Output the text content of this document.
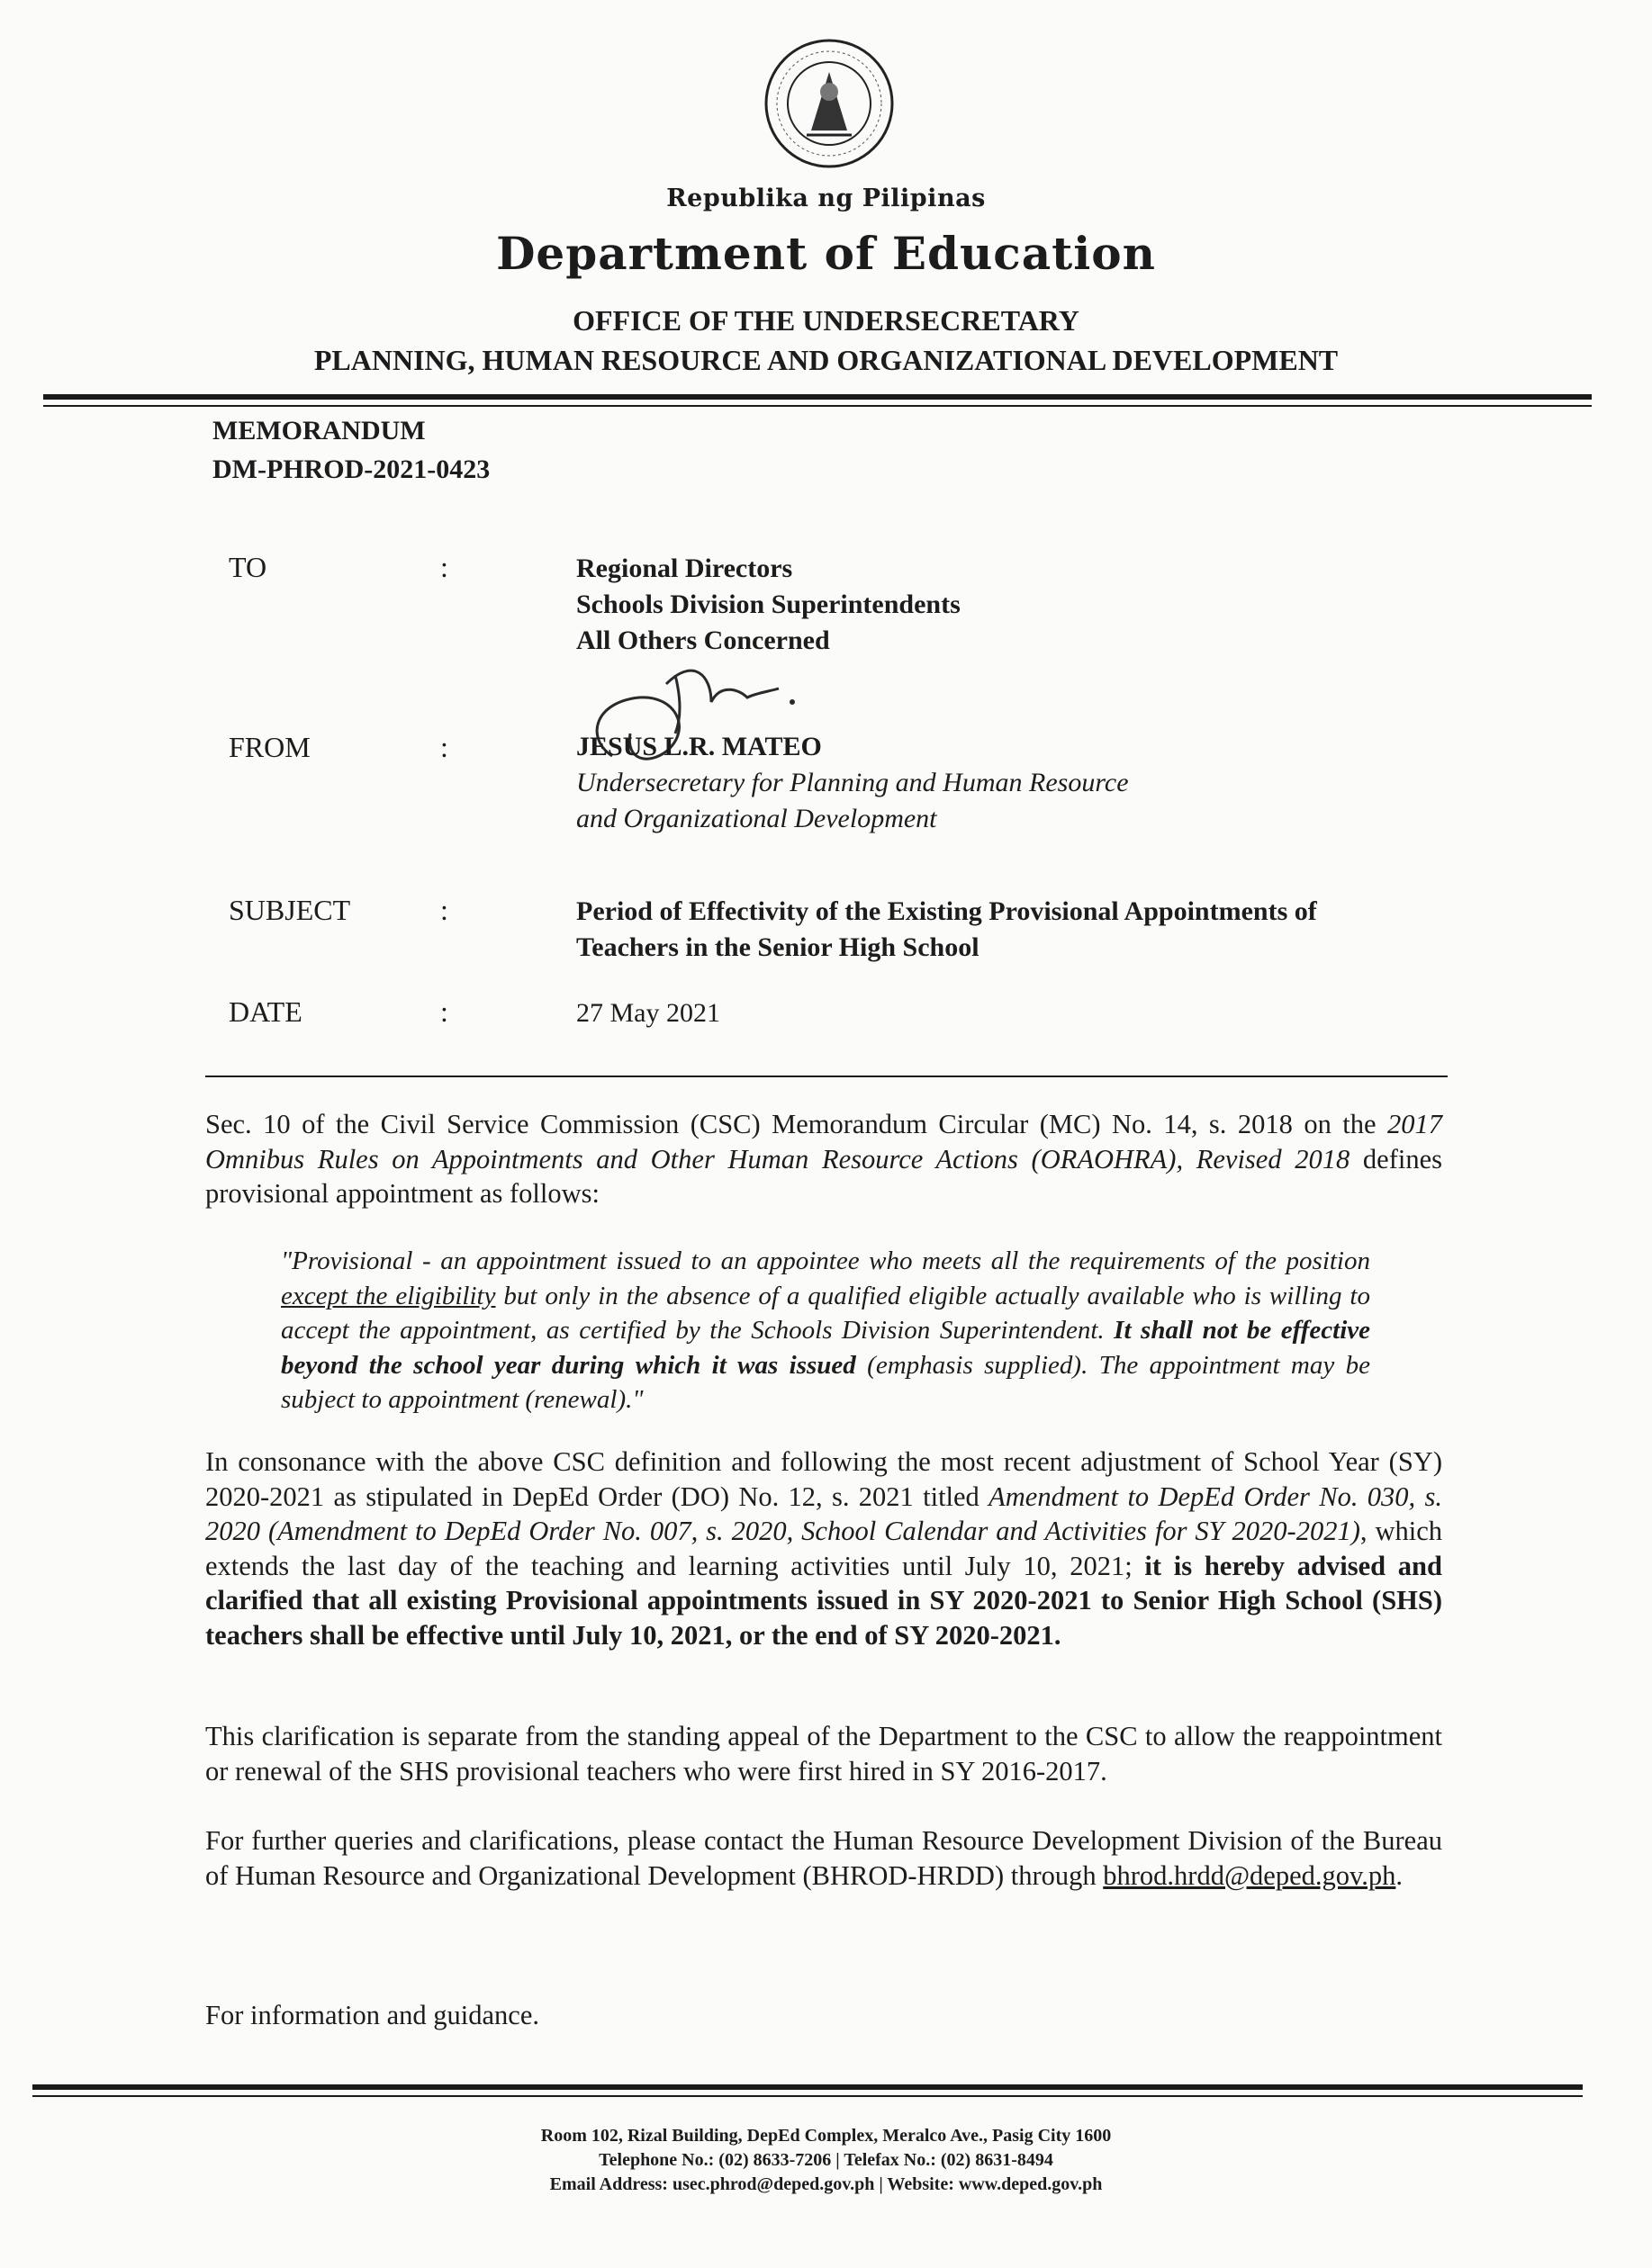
Republika ng Pilipinas
Department of Education
OFFICE OF THE UNDERSECRETARY
PLANNING, HUMAN RESOURCE AND ORGANIZATIONAL DEVELOPMENT
MEMORANDUM
DM-PHROD-2021-0423
TO	:	Regional Directors
Schools Division Superintendents
All Others Concerned
FROM	:	JESUS L.R. MATEO
Undersecretary for Planning and Human Resource
and Organizational Development
SUBJECT	:	Period of Effectivity of the Existing Provisional Appointments of
Teachers in the Senior High School
DATE	:	27 May 2021
Sec. 10 of the Civil Service Commission (CSC) Memorandum Circular (MC) No. 14, s. 2018 on the 2017 Omnibus Rules on Appointments and Other Human Resource Actions (ORAOHRA), Revised 2018 defines provisional appointment as follows:
"Provisional - an appointment issued to an appointee who meets all the requirements of the position except the eligibility but only in the absence of a qualified eligible actually available who is willing to accept the appointment, as certified by the Schools Division Superintendent. It shall not be effective beyond the school year during which it was issued (emphasis supplied). The appointment may be subject to appointment (renewal)."
In consonance with the above CSC definition and following the most recent adjustment of School Year (SY) 2020-2021 as stipulated in DepEd Order (DO) No. 12, s. 2021 titled Amendment to DepEd Order No. 030, s. 2020 (Amendment to DepEd Order No. 007, s. 2020, School Calendar and Activities for SY 2020-2021), which extends the last day of the teaching and learning activities until July 10, 2021; it is hereby advised and clarified that all existing Provisional appointments issued in SY 2020-2021 to Senior High School (SHS) teachers shall be effective until July 10, 2021, or the end of SY 2020-2021.
This clarification is separate from the standing appeal of the Department to the CSC to allow the reappointment or renewal of the SHS provisional teachers who were first hired in SY 2016-2017.
For further queries and clarifications, please contact the Human Resource Development Division of the Bureau of Human Resource and Organizational Development (BHROD-HRDD) through bhrod.hrdd@deped.gov.ph.
For information and guidance.
Room 102, Rizal Building, DepEd Complex, Meralco Ave., Pasig City 1600
Telephone No.: (02) 8633-7206 | Telefax No.: (02) 8631-8494
Email Address: usec.phrod@deped.gov.ph | Website: www.deped.gov.ph
